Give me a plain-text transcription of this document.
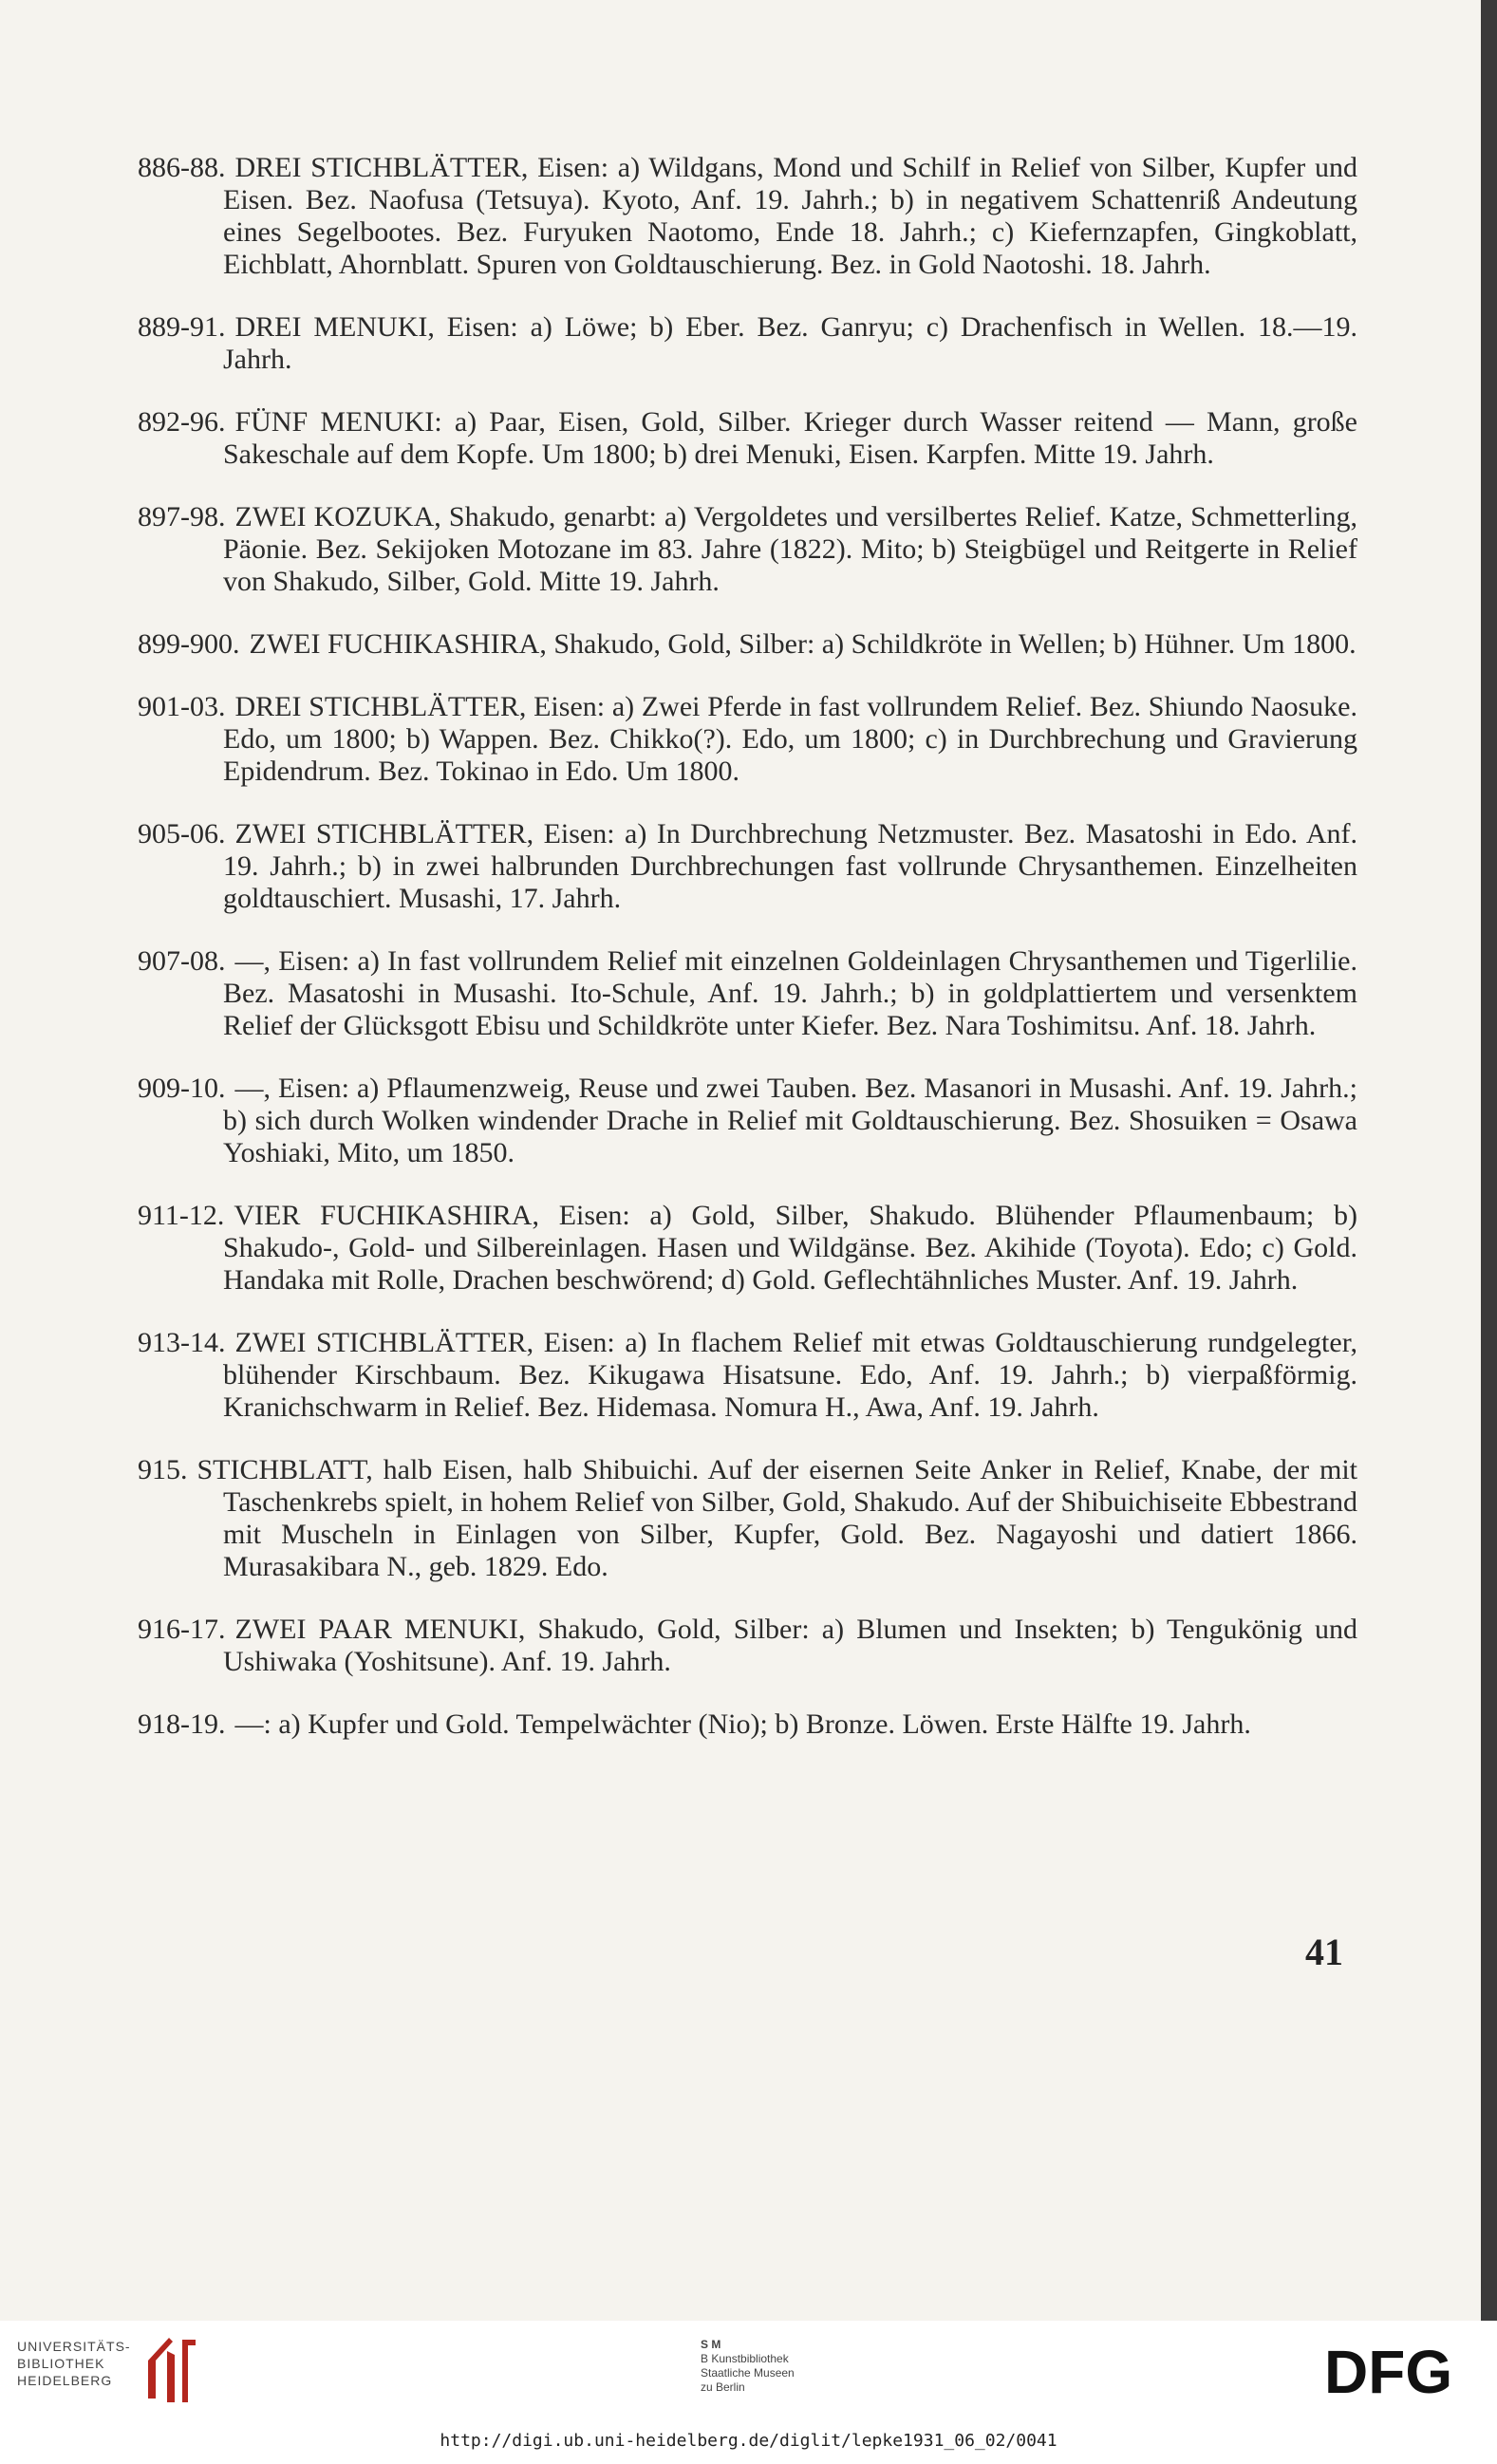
886-88. DREI STICHBLÄTTER, Eisen: a) Wildgans, Mond und Schilf in Relief von Silber, Kupfer und Eisen. Bez. Naofusa (Tetsuya). Kyoto, Anf. 19. Jahrh.; b) in negativem Schattenriß Andeutung eines Segelbootes. Bez. Furyuken Naotomo, Ende 18. Jahrh.; c) Kiefernzapfen, Gingkoblatt, Eichblatt, Ahornblatt. Spuren von Goldtauschierung. Bez. in Gold Naotoshi. 18. Jahrh.

889-91. DREI MENUKI, Eisen: a) Löwe; b) Eber. Bez. Ganryu; c) Drachenfisch in Wellen. 18.—19. Jahrh.

892-96. FÜNF MENUKI: a) Paar, Eisen, Gold, Silber. Krieger durch Wasser reitend — Mann, große Sakeschale auf dem Kopfe. Um 1800; b) drei Menuki, Eisen. Karpfen. Mitte 19. Jahrh.

897-98. ZWEI KOZUKA, Shakudo, genarbt: a) Vergoldetes und versilbertes Relief. Katze, Schmetterling, Päonie. Bez. Sekijoken Motozane im 83. Jahre (1822). Mito; b) Steigbügel und Reitgerte in Relief von Shakudo, Silber, Gold. Mitte 19. Jahrh.

899-900. ZWEI FUCHIKASHIRA, Shakudo, Gold, Silber: a) Schildkröte in Wellen; b) Hühner. Um 1800.

901-03. DREI STICHBLÄTTER, Eisen: a) Zwei Pferde in fast vollrundem Relief. Bez. Shiundo Naosuke. Edo, um 1800; b) Wappen. Bez. Chikko(?). Edo, um 1800; c) in Durchbrechung und Gravierung Epidendrum. Bez. Tokinao in Edo. Um 1800.

905-06. ZWEI STICHBLÄTTER, Eisen: a) In Durchbrechung Netzmuster. Bez. Masatoshi in Edo. Anf. 19. Jahrh.; b) in zwei halbrunden Durchbrechungen fast vollrunde Chrysanthemen. Einzelheiten goldtauschiert. Musashi, 17. Jahrh.

907-08. —, Eisen: a) In fast vollrundem Relief mit einzelnen Goldeinlagen Chrysanthemen und Tigerlilie. Bez. Masatoshi in Musashi. Ito-Schule, Anf. 19. Jahrh.; b) in goldplattiertem und versenktem Relief der Glücksgott Ebisu und Schildkröte unter Kiefer. Bez. Nara Toshimitsu. Anf. 18. Jahrh.

909-10. —, Eisen: a) Pflaumenzweig, Reuse und zwei Tauben. Bez. Masanori in Musashi. Anf. 19. Jahrh.; b) sich durch Wolken windender Drache in Relief mit Goldtauschierung. Bez. Shosuiken = Osawa Yoshiaki, Mito, um 1850.

911-12. VIER FUCHIKASHIRA, Eisen: a) Gold, Silber, Shakudo. Blühender Pflaumenbaum; b) Shakudo-, Gold- und Silbereinlagen. Hasen und Wildgänse. Bez. Akihide (Toyota). Edo; c) Gold. Handaka mit Rolle, Drachen beschwörend; d) Gold. Geflechtähnliches Muster. Anf. 19. Jahrh.

913-14. ZWEI STICHBLÄTTER, Eisen: a) In flachem Relief mit etwas Goldtauschierung rundgelegter, blühender Kirschbaum. Bez. Kikugawa Hisatsune. Edo, Anf. 19. Jahrh.; b) vierpaßförmig. Kranichschwarm in Relief. Bez. Hidemasa. Nomura H., Awa, Anf. 19. Jahrh.

915. STICHBLATT, halb Eisen, halb Shibuichi. Auf der eisernen Seite Anker in Relief, Knabe, der mit Taschenkrebs spielt, in hohem Relief von Silber, Gold, Shakudo. Auf der Shibuichiseite Ebbestrand mit Muscheln in Einlagen von Silber, Kupfer, Gold. Bez. Nagayoshi und datiert 1866. Murasakibara N., geb. 1829. Edo.

916-17. ZWEI PAAR MENUKI, Shakudo, Gold, Silber: a) Blumen und Insekten; b) Tengukönig und Ushiwaka (Yoshitsune). Anf. 19. Jahrh.

918-19. —: a) Kupfer und Gold. Tempelwächter (Nio); b) Bronze. Löwen. Erste Hälfte 19. Jahrh.

41
UNIVERSITÄTS-
BIBLIOTHEK
HEIDELBERG
S M
B Kunstbibliothek
Staatliche Museen
zu Berlin	DFG
http://digi.ub.uni-heidelberg.de/diglit/lepke1931_06_02/0041
